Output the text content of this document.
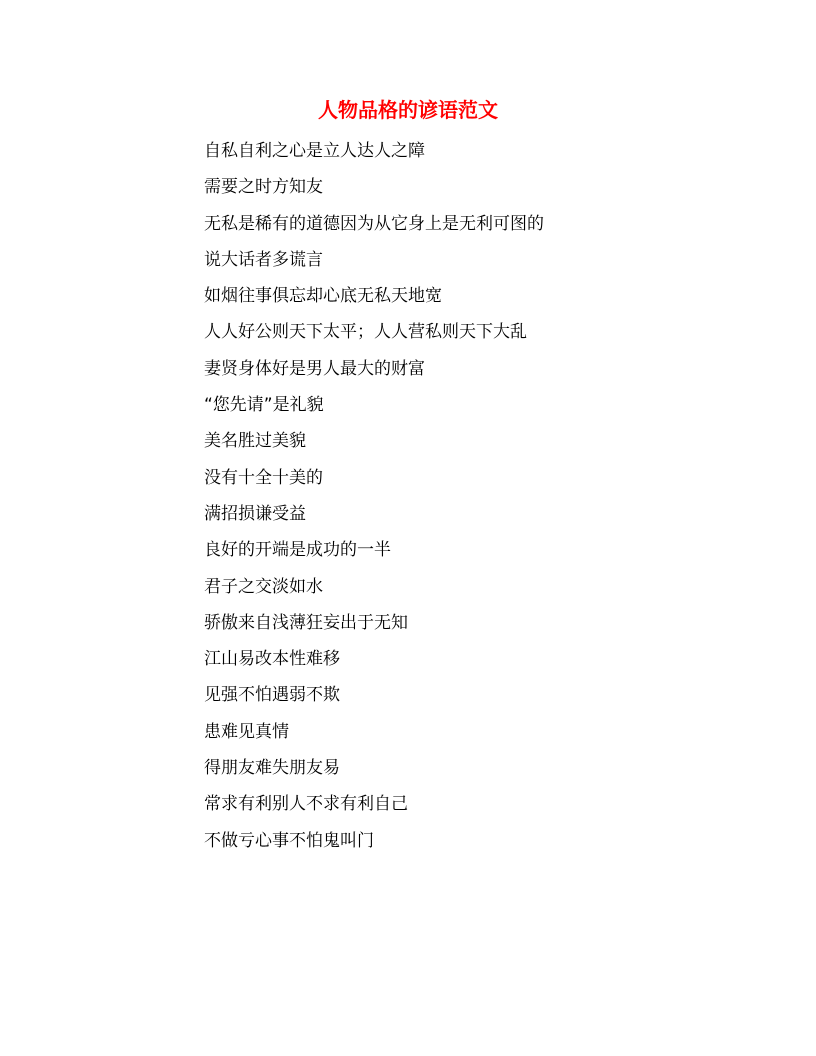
人物品格的谚语范文
自私自利之心是立人达人之障
需要之时方知友
无私是稀有的道德因为从它身上是无利可图的
说大话者多谎言
如烟往事俱忘却心底无私天地宽
人人好公则天下太平；人人营私则天下大乱
妻贤身体好是男人最大的财富
“您先请”是礼貌
美名胜过美貌
没有十全十美的
满招损谦受益
良好的开端是成功的一半
君子之交淡如水
骄傲来自浅薄狂妄出于无知
江山易改本性难移
见强不怕遇弱不欺
患难见真情
得朋友难失朋友易
常求有利别人不求有利自己
不做亏心事不怕鬼叫门
